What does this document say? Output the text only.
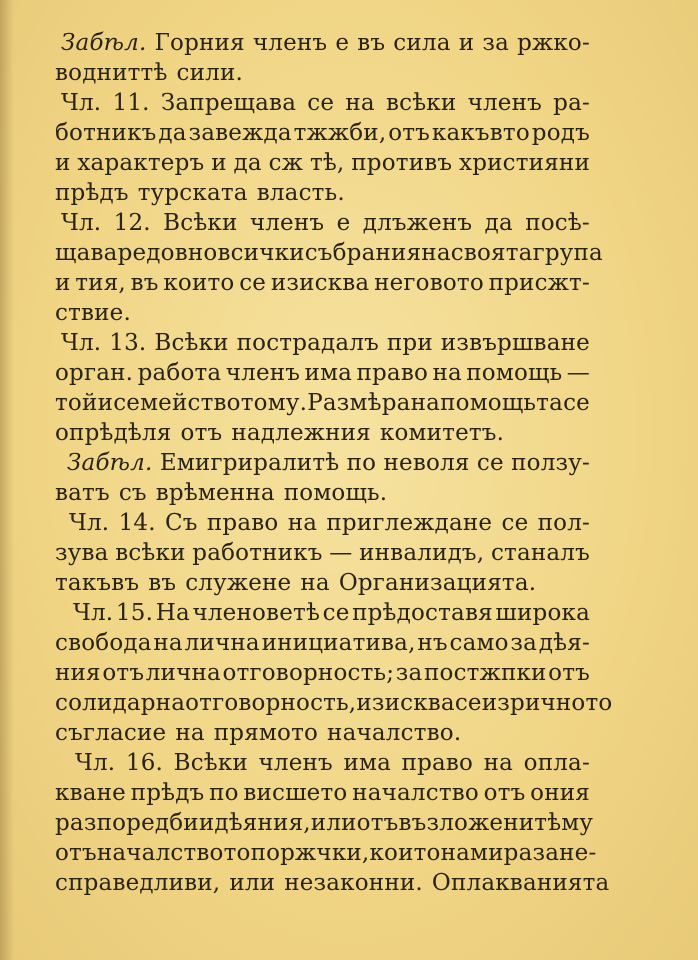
Забѣл. Горния членъ е въ сила и за ржко-
водниттѣ сили.
Чл. 11. Запрещава се на всѣки членъ ра-
ботникъ да завежда тжжби, отъ какъвто родъ
и характеръ и да сж тѣ, противъ християни
прѣдъ турската власть.
Чл. 12. Всѣки членъ е длъженъ да посѣ-
щава редовно всички събрания на своята група
и тия, въ които се изисква неговото присжт-
ствие.
Чл. 13. Всѣки пострадалъ при извършване
орган. работа членъ има право на помощь —
той и семейството му. Размѣра на помощьта се
опрѣдѣля отъ надлежния комитетъ.
Забѣл. Емигриралитѣ по неволя се ползу-
ватъ съ врѣменна помощь.
Чл. 14. Съ право на приглеждане се пол-
зува всѣки работникъ — инвалидъ, станалъ
такъвъ въ служене на Организацията.
Чл. 15. На членоветѣ се прѣдоставя широка
свобода на лична инициатива, нъ само за дѣя-
ния отъ лична отговорность; за постжпки отъ
солидарна отговорность, изисква се изричното
съгласие на прямото началство.
Чл. 16. Всѣки членъ има право на опла-
кване прѣдъ по висшето началство отъ ония
разпоредби и дѣяния, или отъ възложенитѣ му
отъ началството поржчки, които намира за не-
справедливи, или незаконни. Оплакванията
